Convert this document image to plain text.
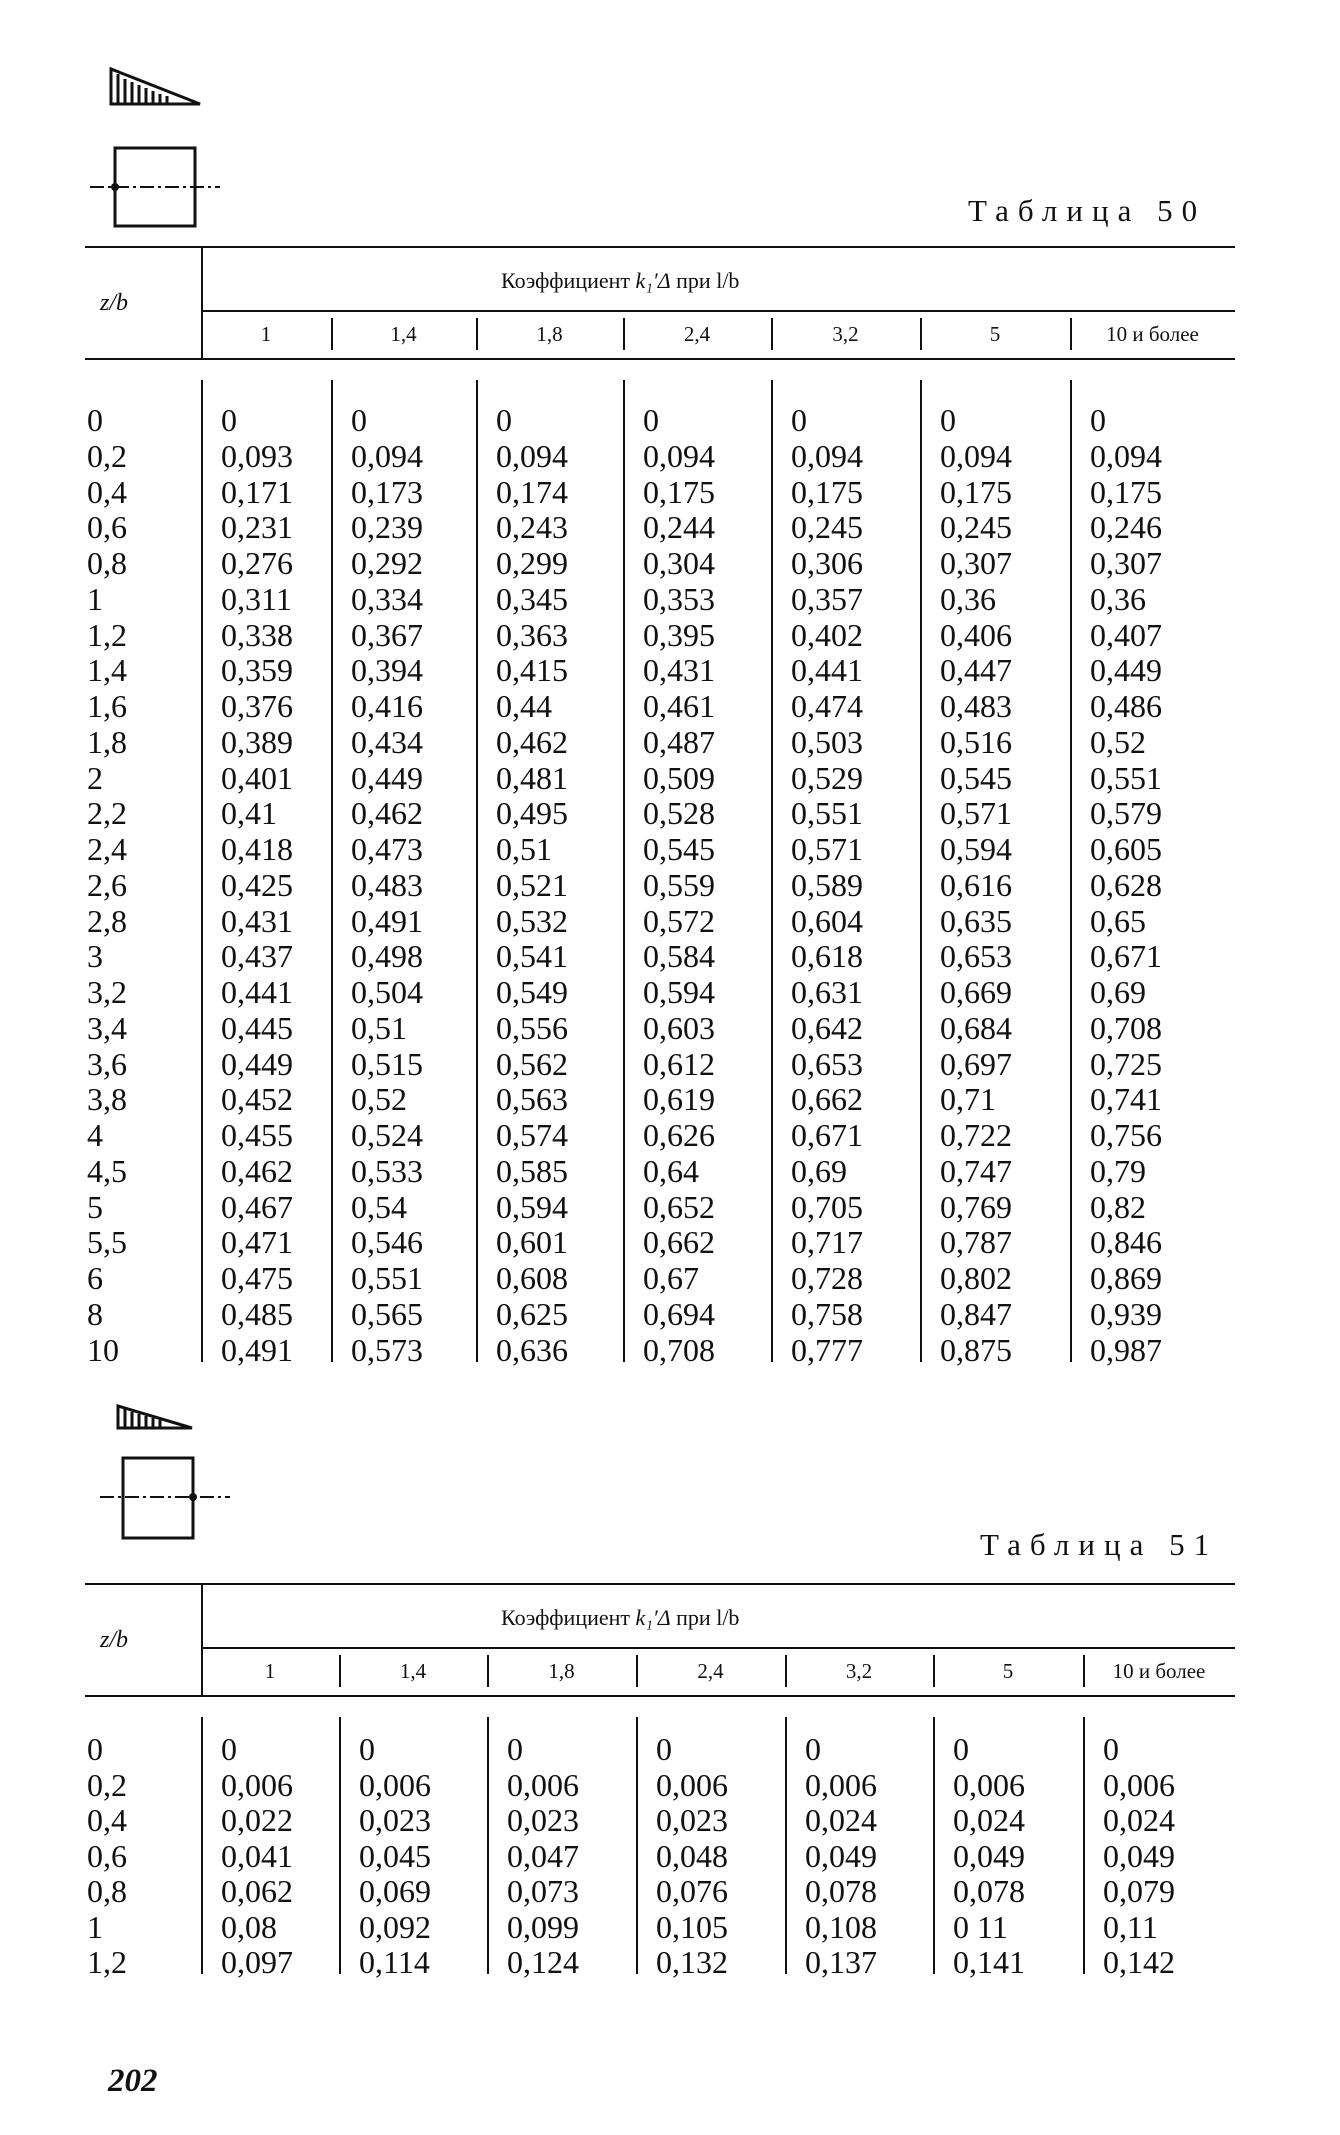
Таблица 50
z/b
Коэффициент k₁′Δ при l/b
1	1,4	1,8	2,4	3,2	5	10 и более
0	0	0	0	0	0	0	0
0,2	0,093 0,094 0,094 0,094 0,094 0,094 0,094
0,4	0,171 0,173 0,174 0,175 0,175 0,175 0,175
0,6	0,231 0,239 0,243 0,244 0,245 0,245 0,246
0,8	0,276 0,292 0,299 0,304 0,306 0,307 0,307
1	0,311 0,334 0,345 0,353 0,357 0,36	0,36
1,2	0,338 0,367 0,363 0,395 0,402 0,406 0,407
1,4	0,359 0,394 0,415 0,431 0,441 0,447 0,449
1,6	0,376 0,416 0,44	0,461 0,474 0,483 0,486
1,8	0,389 0,434 0,462 0,487 0,503 0,516 0,52
2	0,401 0,449 0,481 0,509 0,529 0,545 0,551
2,2	0,41 0,462 0,495 0,528 0,551 0,571 0,579
2,4	0,418 0,473 0,51	0,545 0,571 0,594 0,605
2,6	0,425 0,483 0,521 0,559 0,589 0,616 0,628
2,8	0,431 0,491 0,532 0,572 0,604 0,635 0,65
3	0,437 0,498 0,541 0,584 0,618 0,653 0,671
3,2	0,441 0,504 0,549 0,594 0,631 0,669 0,69
3,4	0,445 0,51	0,556 0,603 0,642 0,684 0,708
3,6	0,449 0,515 0,562 0,612 0,653 0,697 0,725
3,8	0,452 0,52	0,563 0,619 0,662 0,71	0,741
4	0,455 0,524 0,574 0,626 0,671 0,722 0,756
4,5	0,462 0,533 0,585 0,64	0,69	0,747 0,79
5	0,467 0,54	0,594 0,652 0,705 0,769 0,82
5,5	0,471 0,546 0,601 0,662 0,717 0,787 0,846
6	0,475 0,551 0,608 0,67	0,728 0,802 0,869
8	0,485 0,565 0,625 0,694 0,758 0,847 0,939
10	0,491 0,573 0,636 0,708 0,777 0,875 0,987
Таблица 51
z/b
Коэффициент k₁′Δ при l/b
1	1,4	1,8	2,4	3,2	5	10 и более
0	0	0	0	0	0	0	0
0,2	0,006 0,006 0,006 0,006 0,006 0,006 0,006
0,4	0,022 0,023 0,023 0,023 0,024 0,024 0,024
0,6	0,041 0,045 0,047 0,048 0,049 0,049 0,049
0,8	0,062 0,069 0,073 0,076 0,078 0,078 0,079
1	0,08	0,092 0,099 0,105 0,108 0 11	0,11
1,2	0,097 0,114 0,124 0,132 0,137 0,141 0,142
202
